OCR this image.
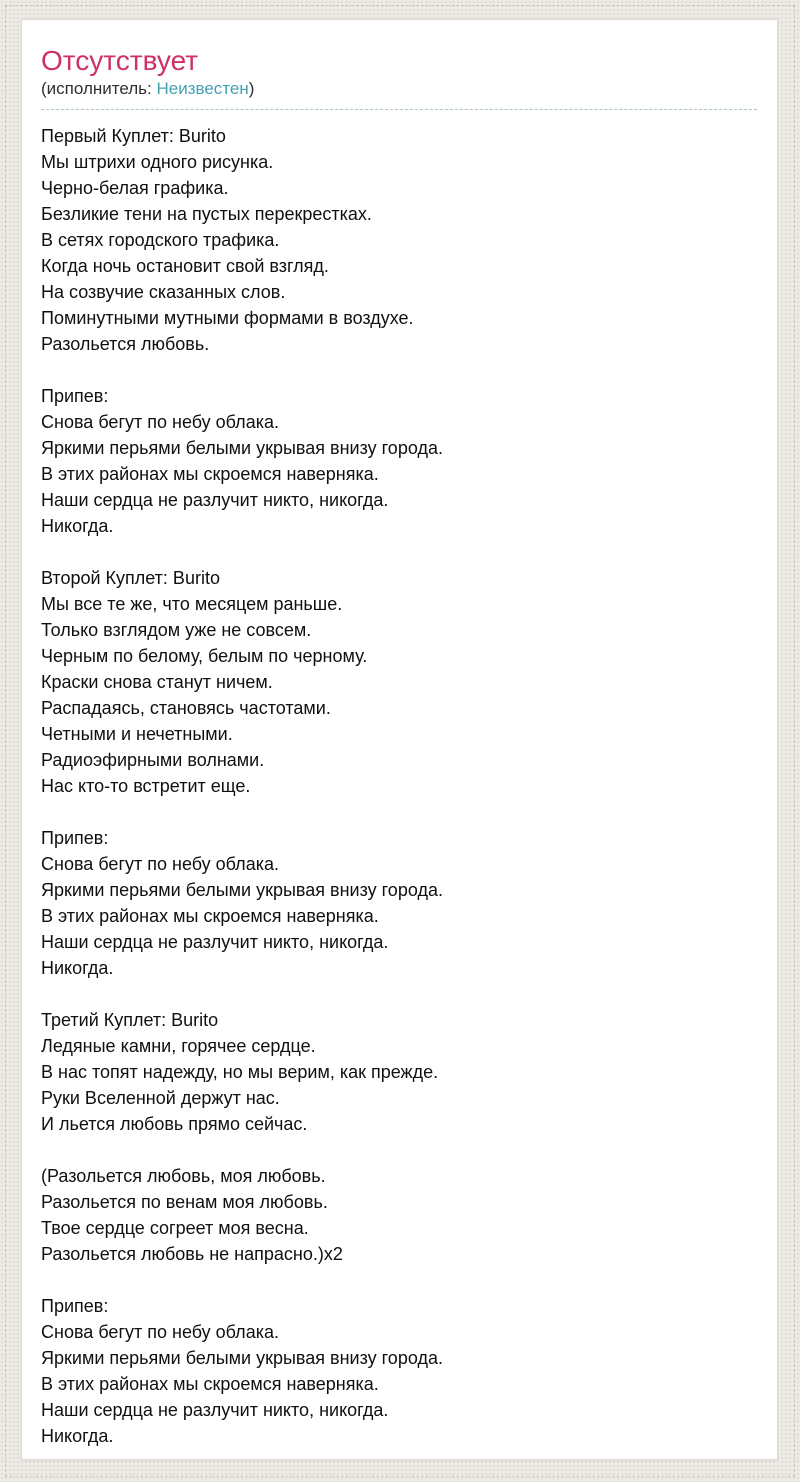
Отсутствует
(исполнитель: Неизвестен)
Первый Куплет: Burito
Мы штрихи одного рисунка.
Черно-белая графика.
Безликие тени на пустых перекрестках.
В сетях городского трафика.
Когда ночь остановит свой взгляд.
На созвучие сказанных слов.
Поминутными мутными формами в воздухе.
Разольется любовь.
Припев:
Снова бегут по небу облака.
Яркими перьями белыми укрывая внизу города.
В этих районах мы скроемся наверняка.
Наши сердца не разлучит никто, никогда.
Никогда.
Второй Куплет: Burito
Мы все те же, что месяцем раньше.
Только взглядом уже не совсем.
Черным по белому, белым по черному.
Краски снова станут ничем.
Распадаясь, становясь частотами.
Четными и нечетными.
Радиоэфирными волнами.
Нас кто-то встретит еще.
Припев:
Снова бегут по небу облака.
Яркими перьями белыми укрывая внизу города.
В этих районах мы скроемся наверняка.
Наши сердца не разлучит никто, никогда.
Никогда.
Третий Куплет: Burito
Ледяные камни, горячее сердце.
В нас топят надежду, но мы верим, как прежде.
Руки Вселенной держут нас.
И льется любовь прямо сейчас.
(Разольется любовь, моя любовь.
Разольется по венам моя любовь.
Твое сердце согреет моя весна.
Разольется любовь не напрасно.)x2
Припев:
Снова бегут по небу облака.
Яркими перьями белыми укрывая внизу города.
В этих районах мы скроемся наверняка.
Наши сердца не разлучит никто, никогда.
Никогда.
